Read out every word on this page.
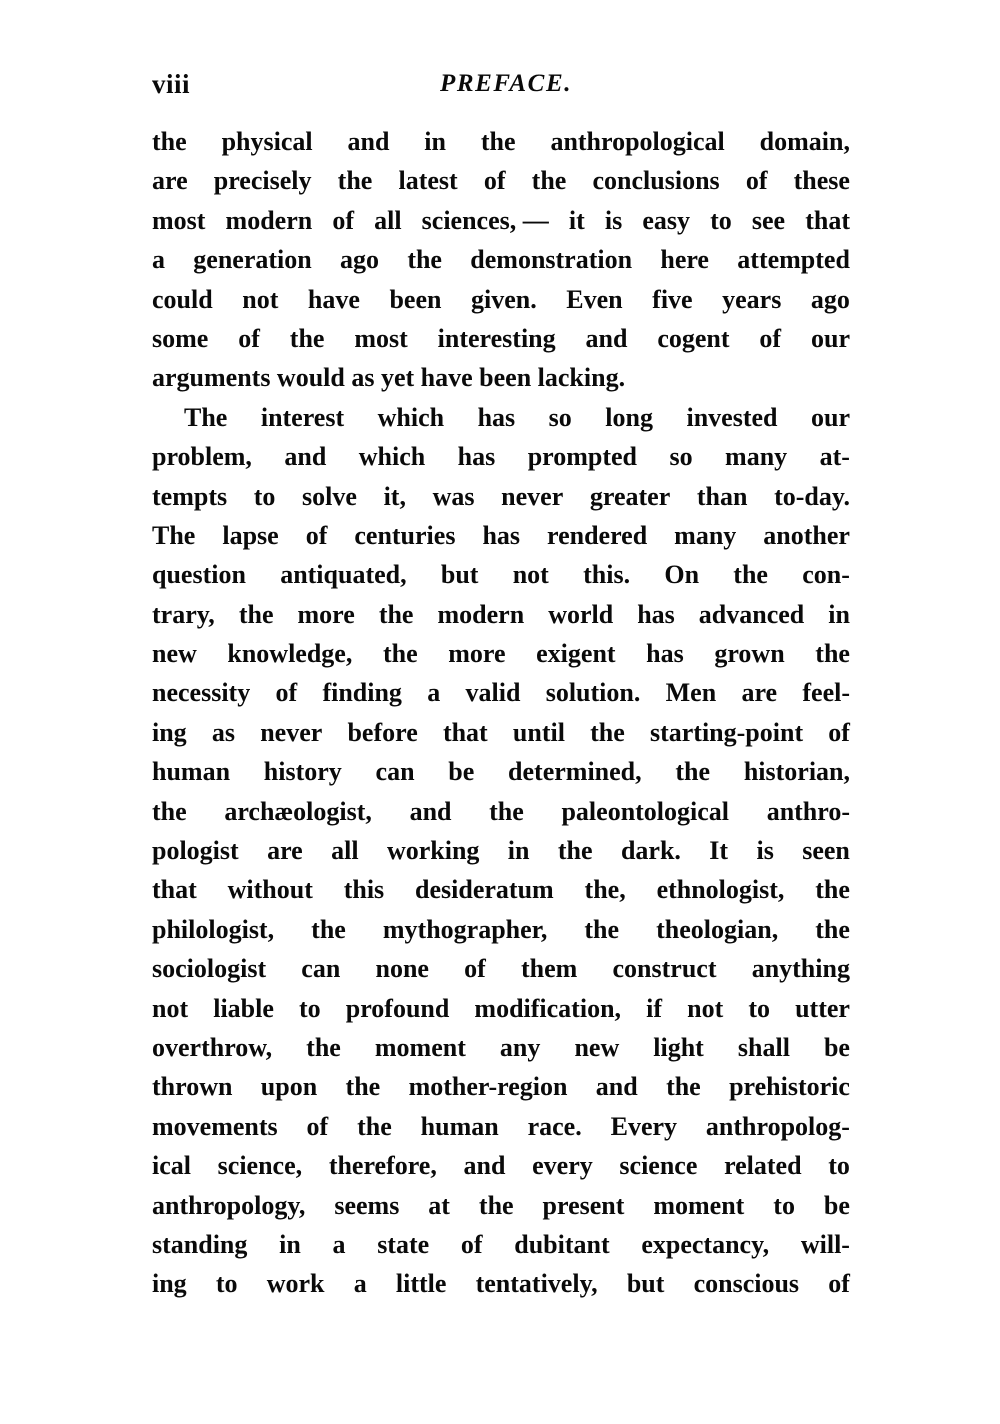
viii	PREFACE.
the physical and in the anthropological domain,
are precisely the latest of the conclusions of these
most modern of all sciences, — it is easy to see that
a generation ago the demonstration here attempted
could not have been given. Even five years ago
some of the most interesting and cogent of our
arguments would as yet have been lacking.
The interest which has so long invested our
problem, and which has prompted so many at-
tempts to solve it, was never greater than to-day.
The lapse of centuries has rendered many another
question antiquated, but not this. On the con-
trary, the more the modern world has advanced in
new knowledge, the more exigent has grown the
necessity of finding a valid solution. Men are feel-
ing as never before that until the starting-point of
human history can be determined, the historian,
the archæologist, and the paleontological anthro-
pologist are all working in the dark. It is seen
that without this desideratum the, ethnologist, the
philologist, the mythographer, the theologian, the
sociologist can none of them construct anything
not liable to profound modification, if not to utter
overthrow, the moment any new light shall be
thrown upon the mother-region and the prehistoric
movements of the human race. Every anthropolog-
ical science, therefore, and every science related to
anthropology, seems at the present moment to be
standing in a state of dubitant expectancy, will-
ing to work a little tentatively, but conscious of
